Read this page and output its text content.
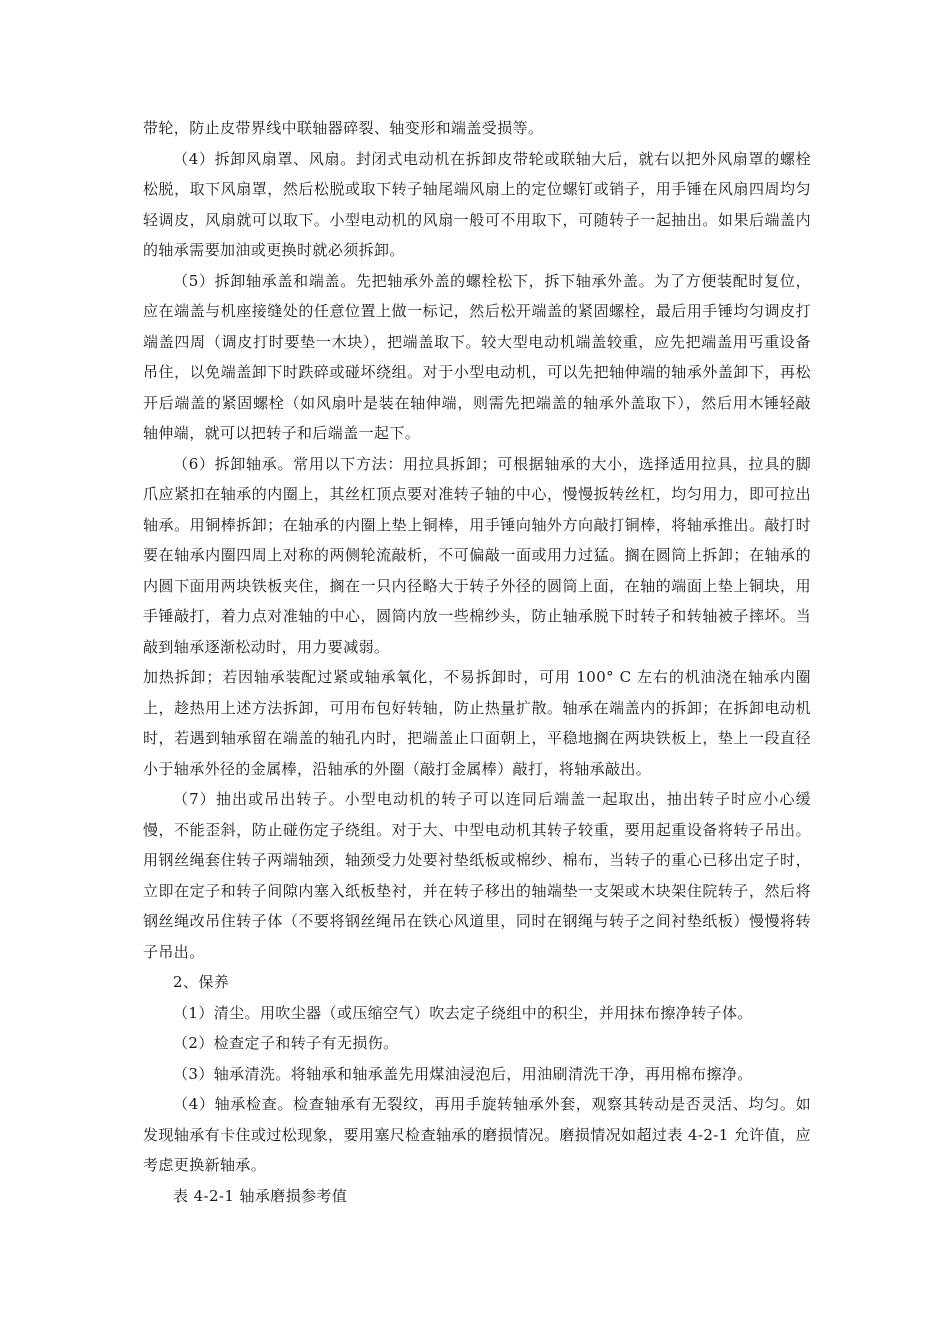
带轮，防止皮带界线中联轴器碎裂、轴变形和端盖受损等。

（4）拆卸风扇罩、风扇。封闭式电动机在拆卸皮带轮或联轴大后，就右以把外风扇罩的螺栓松脱，取下风扇罩，然后松脱或取下转子轴尾端风扇上的定位螺钉或销子，用手锤在风扇四周均匀轻调皮，风扇就可以取下。小型电动机的风扇一般可不用取下，可随转子一起抽出。如果后端盖内的轴承需要加油或更换时就必须拆卸。

（5）拆卸轴承盖和端盖。先把轴承外盖的螺栓松下，拆下轴承外盖。为了方便装配时复位，应在端盖与机座接缝处的任意位置上做一标记，然后松开端盖的紧固螺栓，最后用手锤均匀调皮打端盖四周（调皮打时要垫一木块），把端盖取下。较大型电动机端盖较重，应先把端盖用丐重设备吊住，以免端盖卸下时跌碎或碰坏绕组。对于小型电动机，可以先把轴伸端的轴承外盖卸下，再松开后端盖的紧固螺栓（如风扇叶是装在轴伸端，则需先把端盖的轴承外盖取下），然后用木锤轻敲轴伸端，就可以把转子和后端盖一起下。

（6）拆卸轴承。常用以下方法：用拉具拆卸；可根据轴承的大小，选择适用拉具，拉具的脚爪应紧扣在轴承的内圈上，其丝杠顶点要对准转子轴的中心，慢慢扳转丝杠，均匀用力，即可拉出轴承。用铜棒拆卸；在轴承的内圈上垫上铜棒，用手锤向轴外方向敲打铜棒，将轴承推出。敲打时要在轴承内圈四周上对称的两侧轮流敲析，不可偏敲一面或用力过猛。搁在圆筒上拆卸；在轴承的内圆下面用两块铁板夹住，搁在一只内径略大于转子外径的圆筒上面，在轴的端面上垫上铜块，用手锤敲打，着力点对准轴的中心，圆筒内放一些棉纱头，防止轴承脱下时转子和转轴被子摔坏。当敲到轴承逐渐松动时，用力要减弱。

加热拆卸；若因轴承装配过紧或轴承氧化，不易拆卸时，可用 100° C 左右的机油浇在轴承内圈上，趁热用上述方法拆卸，可用布包好转轴，防止热量扩散。轴承在端盖内的拆卸；在拆卸电动机时，若遇到轴承留在端盖的轴孔内时，把端盖止口面朝上，平稳地搁在两块铁板上，垫上一段直径小于轴承外径的金属棒，沿轴承的外圈（敲打金属棒）敲打，将轴承敲出。

（7）抽出或吊出转子。小型电动机的转子可以连同后端盖一起取出，抽出转子时应小心缓慢，不能歪斜，防止碰伤定子绕组。对于大、中型电动机其转子较重，要用起重设备将转子吊出。用钢丝绳套住转子两端轴颈，轴颈受力处要衬垫纸板或棉纱、棉布，当转子的重心已移出定子时，立即在定子和转子间隙内塞入纸板垫衬，并在转子移出的轴端垫一支架或木块架住院转子，然后将钢丝绳改吊住转子体（不要将钢丝绳吊在铁心风道里，同时在钢绳与转子之间衬垫纸板）慢慢将转子吊出。

2、保养

（1）清尘。用吹尘器（或压缩空气）吹去定子绕组中的积尘，并用抹布擦净转子体。

（2）检查定子和转子有无损伤。

（3）轴承清洗。将轴承和轴承盖先用煤油浸泡后，用油刷清洗干净，再用棉布擦净。

（4）轴承检查。检查轴承有无裂纹，再用手旋转轴承外套，观察其转动是否灵活、均匀。如发现轴承有卡住或过松现象，要用塞尺检查轴承的磨损情况。磨损情况如超过表 4-2-1 允许值，应考虑更换新轴承。

表 4-2-1 轴承磨损参考值
